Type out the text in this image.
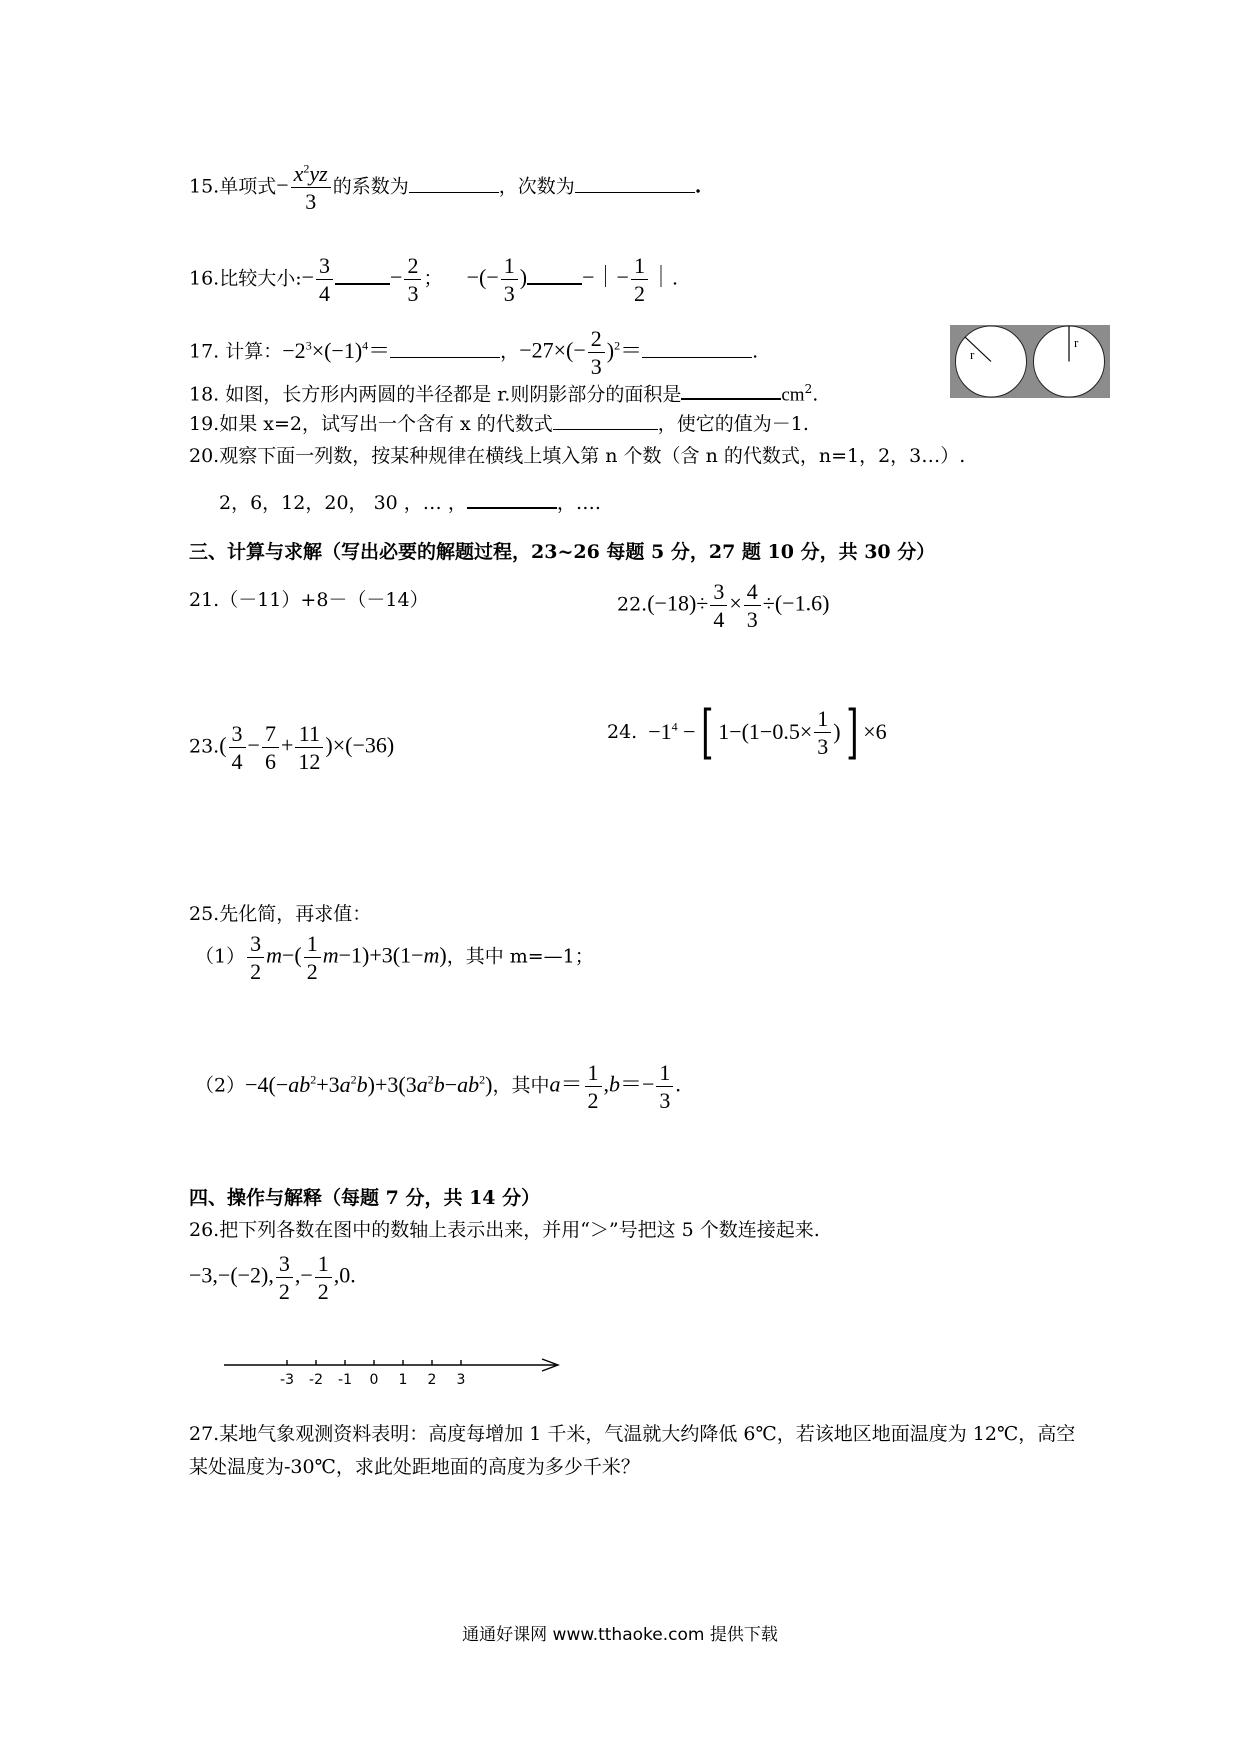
15.单项式− $\frac{x^2yz}{3}$ 的系数为	，次数为	.
16.比较大小:− $\frac{3}{4}$	− $\frac{2}{3}$ ；    −(− $\frac{1}{3}$ )	−｜− $\frac{1}{2}$ ｜.
17. 计算：$-2^3\times(-1)^4=$	，$-27\times(- \frac{2}{3} )^2=$	.	r
r
18. 如图，长方形内两圆的半径都是 r.则阴影部分的面积是	$cm^2$.
19.如果 x=2，试写出一个含有 x 的代数式	，使它的值为－1.
20.观察下面一列数，按某种规律在横线上填入第 n 个数（含 n 的代数式，n=1，2，3…）.
2，6，12，20， 30 ，… ，	，….
三、计算与求解（写出必要的解题过程，23~26 每题 5 分，27 题 10 分，共 30 分）
21.（－11）+8－（－14）	$22.(-18)\div \frac{3}{4} \times \frac{4}{3} \div(-1.6)$
$23.( \frac{3}{4} - \frac{7}{6} + \frac{11}{12} )\times(-36)$
24.  $-1^4$ −[ $1-(1-0.5\times \frac{1}{3}$ )] ×6
25.先化简，再求值：
$(1) \frac{3}{2} m-( \frac{1}{2} m-1)+3(1-m)$，其中 m=—1；
$(2)-4(-ab^2+3a^2b)+3(3a^2b-ab^2)$，其中$a= \frac{1}{2} ,b=- \frac{1}{3}$ .
四、操作与解释（每题 7 分，共 14 分）
26.把下列各数在图中的数轴上表示出来，并用“＞”号把这 5 个数连接起来.
−3,−(−2), $\frac{3}{2}$ ,− $\frac{1}{2} ,0$.
-3 -2 -1 0 1 2 3
27.某地气象观测资料表明：高度每增加 1 千米，气温就大约降低 6℃，若该地区地面温度为 12℃，高空
某处温度为-30℃，求此处距地面的高度为多少千米？
通通好课网 www.tthaoke.com 提供下载
